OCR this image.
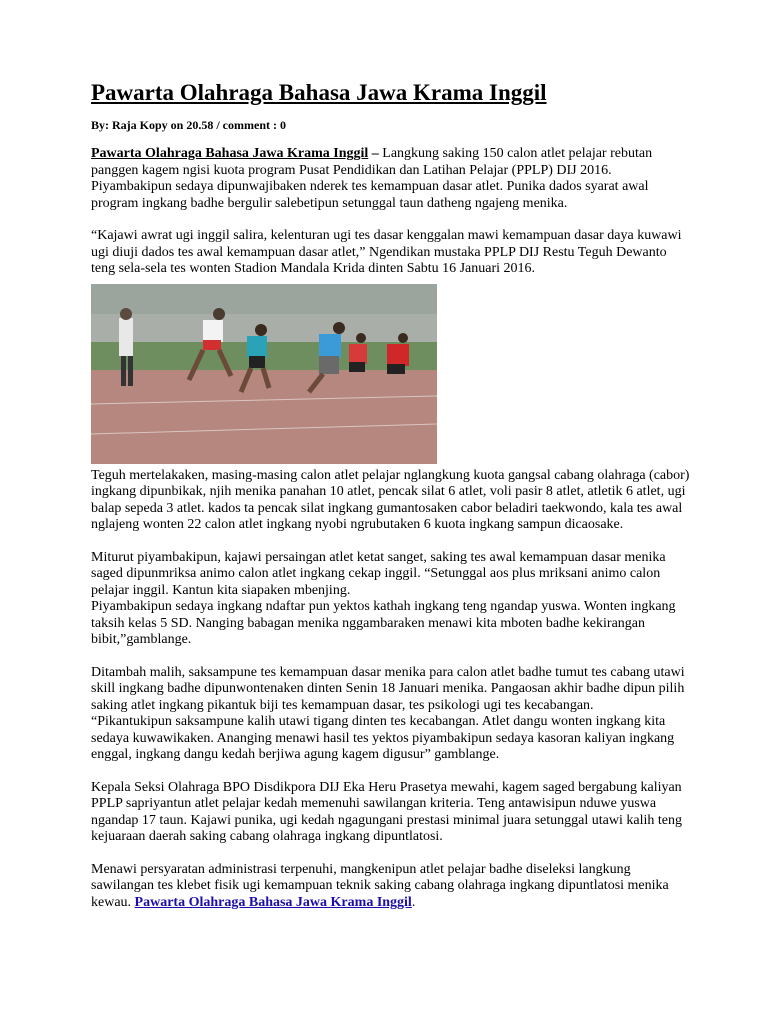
Pawarta Olahraga Bahasa Jawa Krama Inggil
By: Raja Kopy on 20.58 / comment : 0

Pawarta Olahraga Bahasa Jawa Krama Inggil – Langkung saking 150 calon atlet pelajar rebutan panggen kagem ngisi kuota program Pusat Pendidikan dan Latihan Pelajar (PPLP) DIJ 2016. Piyambakipun sedaya dipunwajibaken nderek tes kemampuan dasar atlet. Punika dados syarat awal program ingkang badhe bergulir salebetipun setunggal taun datheng ngajeng menika.

“Kajawi awrat ugi inggil salira, kelenturan ugi tes dasar kenggalan mawi kemampuan dasar daya kuwawi ugi diuji dados tes awal kemampuan dasar atlet,” Ngendikan mustaka PPLP DIJ Restu Teguh Dewanto teng sela-sela tes wonten Stadion Mandala Krida dinten Sabtu 16 Januari 2016.

Teguh mertelakaken, masing-masing calon atlet pelajar nglangkung kuota gangsal cabang olahraga (cabor) ingkang dipunbikak, njih menika panahan 10 atlet, pencak silat 6 atlet, voli pasir 8 atlet, atletik 6 atlet, ugi balap sepeda 3 atlet. kados ta pencak silat ingkang gumantosaken cabor beladiri taekwondo, kala tes awal nglajeng wonten 22 calon atlet ingkang nyobi ngrubutaken 6 kuota ingkang sampun dicaosake.

Miturut piyambakipun, kajawi persaingan atlet ketat sanget, saking tes awal kemampuan dasar menika saged dipunmriksa animo calon atlet ingkang cekap inggil. “Setunggal aos plus mriksani animo calon pelajar inggil. Kantun kita siapaken mbenjing.

Piyambakipun sedaya ingkang ndaftar pun yektos kathah ingkang teng ngandap yuswa. Wonten ingkang taksih kelas 5 SD. Nanging babagan menika nggambaraken menawi kita mboten badhe kekirangan bibit,”gamblange.

Ditambah malih, saksampune tes kemampuan dasar menika para calon atlet badhe tumut tes cabang utawi skill ingkang badhe dipunwontenaken dinten Senin 18 Januari menika. Pangaosan akhir badhe dipun pilih saking atlet ingkang pikantuk biji tes kemampuan dasar, tes psikologi ugi tes kecabangan.

“Pikantukipun saksampune kalih utawi tigang dinten tes kecabangan. Atlet dangu wonten ingkang kita sedaya kuwawikaken. Ananging menawi hasil tes yektos piyambakipun sedaya kasoran kaliyan ingkang enggal, ingkang dangu kedah berjiwa agung kagem digusur” gamblange.

Kepala Seksi Olahraga BPO Disdikpora DIJ Eka Heru Prasetya mewahi, kagem saged bergabung kaliyan PPLP sapriyantun atlet pelajar kedah memenuhi sawilangan kriteria. Teng antawisipun nduwe yuswa ngandap 17 taun. Kajawi punika, ugi kedah ngagungani prestasi minimal juara setunggal utawi kalih teng kejuaraan daerah saking cabang olahraga ingkang dipuntlatosi.

Menawi persyaratan administrasi terpenuhi, mangkenipun atlet pelajar badhe diseleksi langkung sawilangan tes klebet fisik ugi kemampuan teknik saking cabang olahraga ingkang dipuntlatosi menika kewau. Pawarta Olahraga Bahasa Jawa Krama Inggil.
